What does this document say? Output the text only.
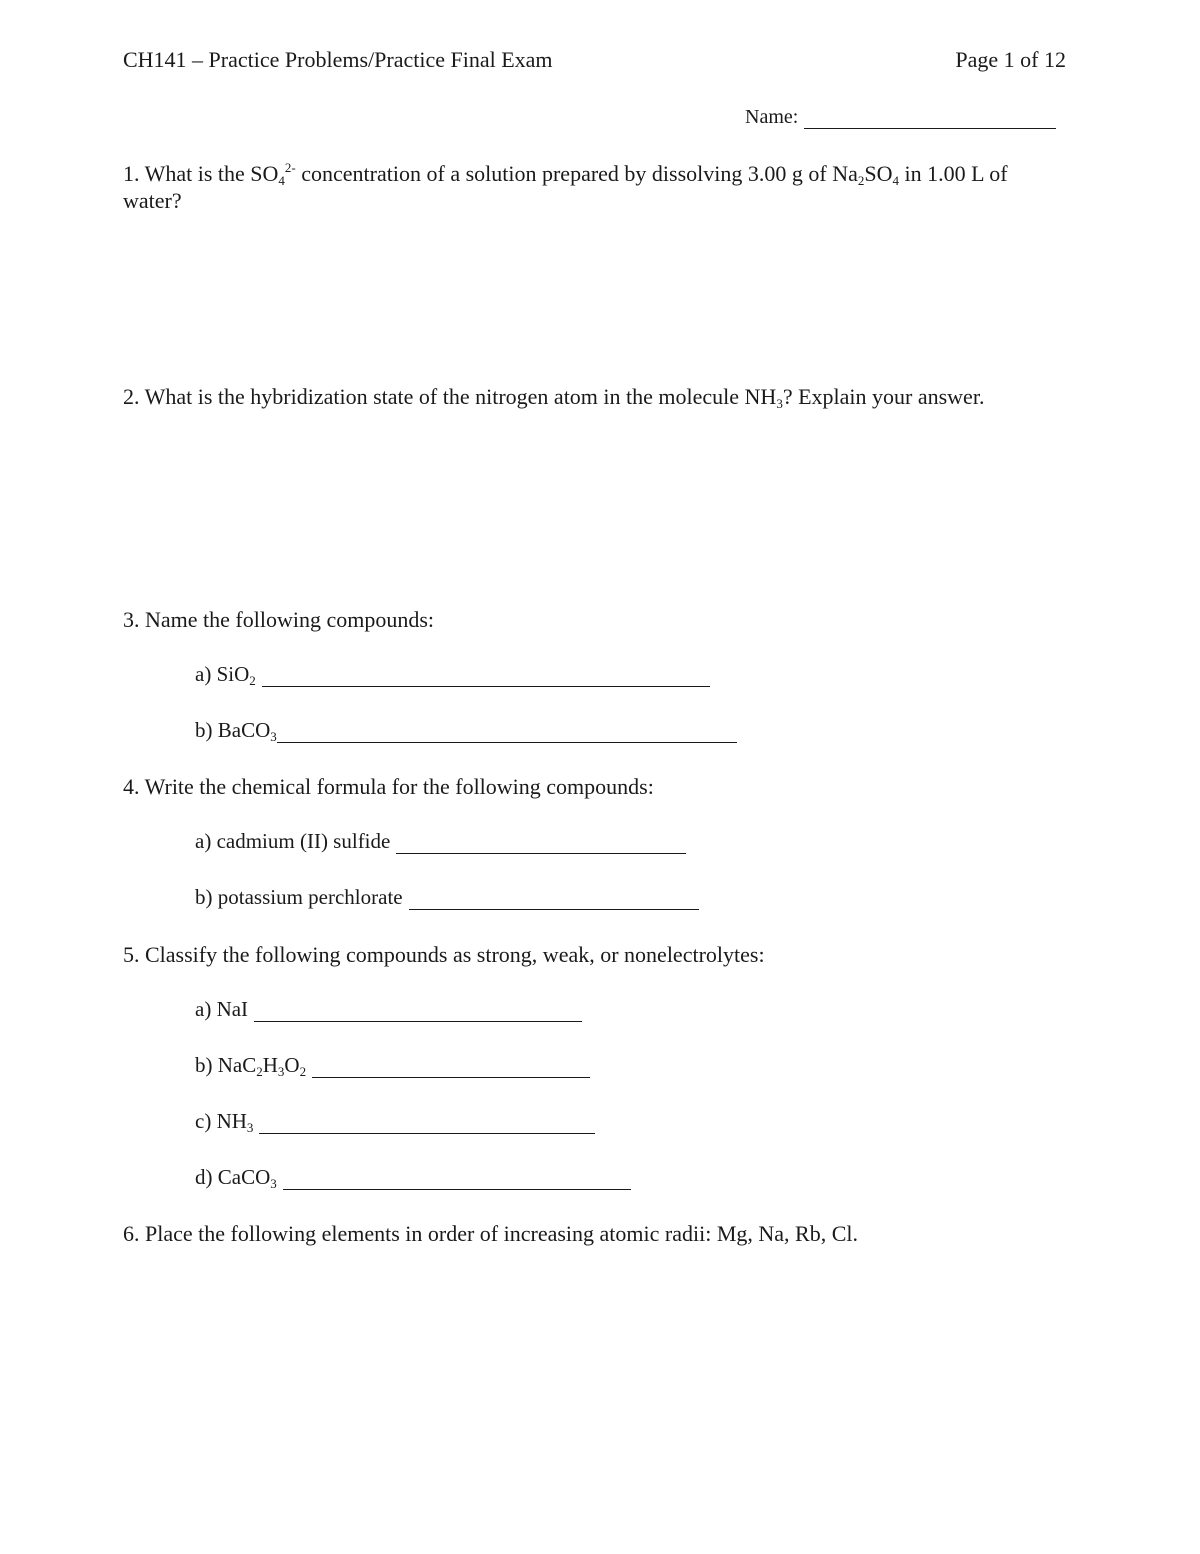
CH141 – Practice Problems/Practice Final Exam	Page 1 of 12
Name:
1. What is the $SO_4^{2-}$ concentration of a solution prepared by dissolving 3.00 g of $Na_2SO_4$ in 1.00 L of water?
2. What is the hybridization state of the nitrogen atom in the molecule $NH_3$? Explain your answer.
3. Name the following compounds:
a) SiO$_2$
b) BaCO$_3$
4. Write the chemical formula for the following compounds:
a) cadmium (II) sulfide
b) potassium perchlorate
5. Classify the following compounds as strong, weak, or nonelectrolytes:
a) NaI
b) $NaC_2H_3O_2$
c) $NH_3$
d) CaCO$_3$
6. Place the following elements in order of increasing atomic radii: Mg, Na, Rb, Cl.
